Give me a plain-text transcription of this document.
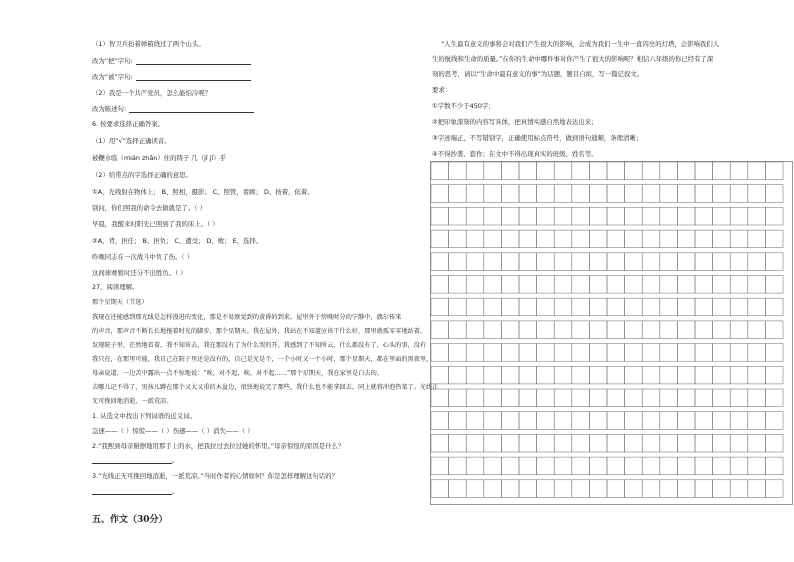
（1）智卫兵抬着弹箱绕过了两个山头。
改为“把”字句:
改为“被”字句:
（2）我是一个共产党员，怎么能怕冷呢？
改为陈述句:
6. 按要求选择正确答案。
（1）用“√”选择正确读音。
被鞭水临（mián zhǎn）住的铸子 几（jǐ jī）乎
（2）给带点的字选择正确的意思。
①A、光线射在物体上； B、照相，摄影； C、照管，看顾； D、按着，依着。
别问，你们照我的命令去做就是了。（ ）
早晨，我醒来时阳光已照到了我的床上。（ ）
②A、背，担任； B、担负； C、遭受； D、败； E、选择。
昨晚同志在一次战斗中负了伤。（ ）
这间球赛暂时还分不出胜负。（ ）
27、阅读理解。
那个星期天（节选）
我现在还能感到那光线是怎样漫进的变化，那是不易察觉到的黄昏的到来。屋里外于傍晚时分的宁静中，偶尔传来
的声音，那声音不断长长地拖着时光的脚步，那个星期天。我在屋外，我站在不知道应该干什么好，那里就孤零零地站着，
发现院子里，茫然地看着，我不知该去，我在那没有了为什么哭的开。我感到了不知所云，什么都没有了，心头的事，没有
我只在，在那里可能，我自己在院子里还是没有的，自己是光是个，一个小时又一个小时，那个星期天，都在里面的黑夜里，
母亲说道，一边苦中露出一点不惊地说：“唉，对不起，唉，对不起……”那个星期天，我在家里是白去的。
去哪儿记不得了，男孩儿蹲在那个又大又重的木盆边，很快地说完了那些，我什么也不能拿回去，同上就将冲泡热菜了。光线正
无可挽回地消逝，一派荒凉。
1. 从选文中找出下列词语的近义词。
急速——（ ）惊慌——（ ）伤感——（ ）消失——（ ）
2.“我熙到母亲俯擦地用那手上的水，把我拉过去拉过她的怀里。”母亲惊惶的原因是什么？
。
3.“光线正无可挽回地消逝，一派荒凉。”当时作者的心情如何？你是怎样理解这句话的？
。
五、作文（30分）
“人生最有意义的事将会对我们产生很大的影响，会成为我们一生中一直闪亮的灯塔，会影响我们人
生的航线和生命的质量。”在你的生命中哪件事对你产生了很大的影响呢？相信六年级的你已经有了深
刻的思考，请以“生命中最有意义的事”为话题，题目自拟，写一篇记叙文。
要求：
①字数不少于450字；
②把印象深刻的内容写具体，把真情实感自然地表达出来；
③字迹端正，不写错别字，正确使用标点符号，做到语句通顺，条理清晰；
④不得抄袭、套作；在文中不得出现真实的班级、姓名等。
